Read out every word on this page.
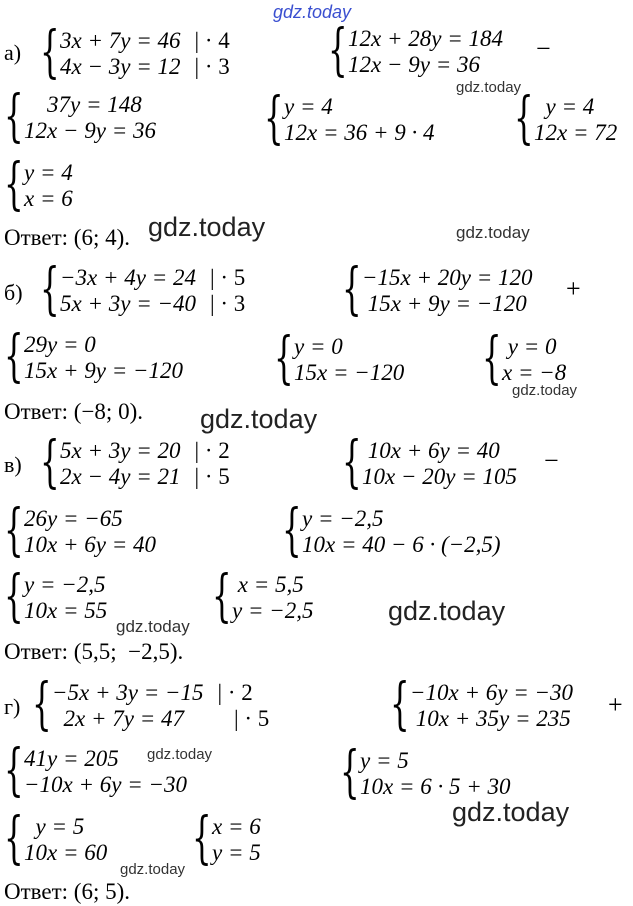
gdz.today
gdz.today
gdz.today	gdz.today
gdz.today
gdz.today
gdz.today
gdz.today
gdz.today
gdz.today
gdz.today
а) { 3x + 7y = 46 | · 4
4x − 3y = 12 | · 3 { 12x + 28y = 184
12x − 9y = 36
−
{ 37y = 148
12x − 9y = 36 { y = 4
12x = 36 + 9 · 4 { y = 4
12x = 72
{ y = 4
x = 6
Ответ: (6; 4).
б) { −3x + 4y = 24 | · 5
5x + 3y = −40 | · 3 { −15x + 20y = 120
15x + 9y = −120
+
{ 29y = 0
15x + 9y = −120 { y = 0
15x = −120 { y = 0
x = −8
Ответ: (−8; 0).
в) { 5x + 3y = 20 | · 2
2x − 4y = 21 | · 5 { 10x + 6y = 40
10x − 20y = 105
−
{ 26y = −65
10x + 6y = 40 { y = −2,5
10x = 40 − 6 · (−2,5)
{ y = −2,5
10x = 55 { x = 5,5
y = −2,5
Ответ: (5,5;  −2,5).
г) { −5x + 3y = −15 | · 2
2x + 7y = 47 | · 5 { −10x + 6y = −30
10x + 35y = 235 +
{ 41y = 205
−10x + 6y = −30	{ y = 5
10x = 6 · 5 + 30
{ y = 5
10x = 60 { x = 6
y = 5
Ответ: (6; 5).
